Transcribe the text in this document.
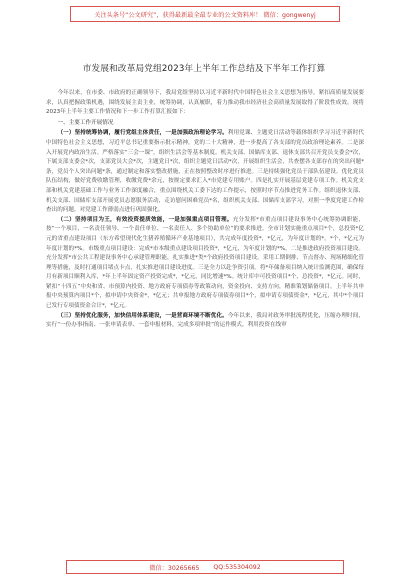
关注头条号“公文研究”，获得最新最全最专业的公文资料库！ 微信：gongwenyj
市发展和改革局党组2023年上半年工作总结及下半年工作打算

今年以来，在市委、市政府的正确领导下，我局党组坚持以习近平新时代中国特色社会主义思想为指导，紧扣高质量发展要求，认真把握政策机遇，围绕发展主责主业，统筹协调，认真履职，着力推动我市经济社会高质量发展取得了阶段性成效。现将2023年上半年主要工作情况和下一步工作打算汇报如下：

一、主要工作开展情况

（一）坚持统筹协调，履行党组主体责任，一是加强政治理论学习。利用党课、主题党日活动等载体组织学习习近平新时代中国特色社会主义思想，习近平总书记重要指示批示精神，党的二十大精神，进一步提高了各支部的党员政治理论素养。二是深入开展党内政治生活。严格落实“三会一课”，组织生活会等基本制度。机关支部、国储库支部、退休支部共召开党员支委会*次，下属支部支委会*次，支部党员大会*次，主题党日*次，组织主题党日活动*次，开展组织生活会，共查摆各支部存在的突出问题*条，党员个人突出问题*条，通过制定和落实整改措施，正在按照整改时序进行推进。三是持续强化党员干部队伍建设。优化党员队伍结构，做好党费收缴管理，收缴党费*余元，按规定要求汇入*市党建专用账户。四是扎实开展基层党建专项工作。机关党支部和机关党建基础工作与业务工作深度融合，重点围绕机关工委下达的工作提示，按照时序节点推进党务工作。组织退休支部、机关支部、国储库支部开展党员志愿服务活动，走访慰问困难党员*名，组织机关支部、国储库支部学习，对照一季度党建工作检查出的问题，对党建工作薄弱点进行巩固强化。

（二）坚持项目为王，有效投资提质效能，一是加强重点项目管理。充分发挥*市重点项目建设事务中心统筹协调职能，按“一个项目、一名责任领导、一个责任单位、一名责任人、多个协助单位”的要求推进。全市计划实施重点项目*个，总投资*亿元的省重点建设项目（东方希望现代化生猪养殖循环产业基地项目），共完成年度投资*，*亿元，为年度计划的*。*个，*亿元为年度计划的*%。市级重点项目建设：完成*市本级重点建设项目投资*，*亿元，为年度计划的*%。二是推进政府投资项目建设。充分发挥*市公共工程建设事务中心承建管理职能，扎实推进*类*个政府投资项目建设。采用工期倒排、节点督办、现场精细化管理等措施，及时打通项目堵点卡点，扎实推进项目建设进度。三是全力以赴争资引项。将*年储备项目纳入统计监测范围，确保每月有新项目顺利入库，*年上半年固定资产投资完成*，*亿元，同比增速*%。统计库中可投资项目*个，总投资*，*亿元。同时，紧扣“十四五”中央和省、市预算内投资、地方政府专项债券等政策动向，资金投向、支持方向，精准策划储备项目。上半年共申报中央预算内项目*个，拟申请中央资金*，*亿元；共申报地方政府专项债券项目*个，拟申请专项债资金*，*亿元，其中*个项目已发行专项债资金合计*，*亿元。

（三）坚持优化服务，加快信用体系建设，一是营商环境不断优化。今年以来，我局对政务审批流程优化，压缩办理时间，实行“一份办事指南、一张申请表单、一套申报材料，完成多项审批”的运作模式，利用投资在线审

微信：30265665 QQ:535304092
